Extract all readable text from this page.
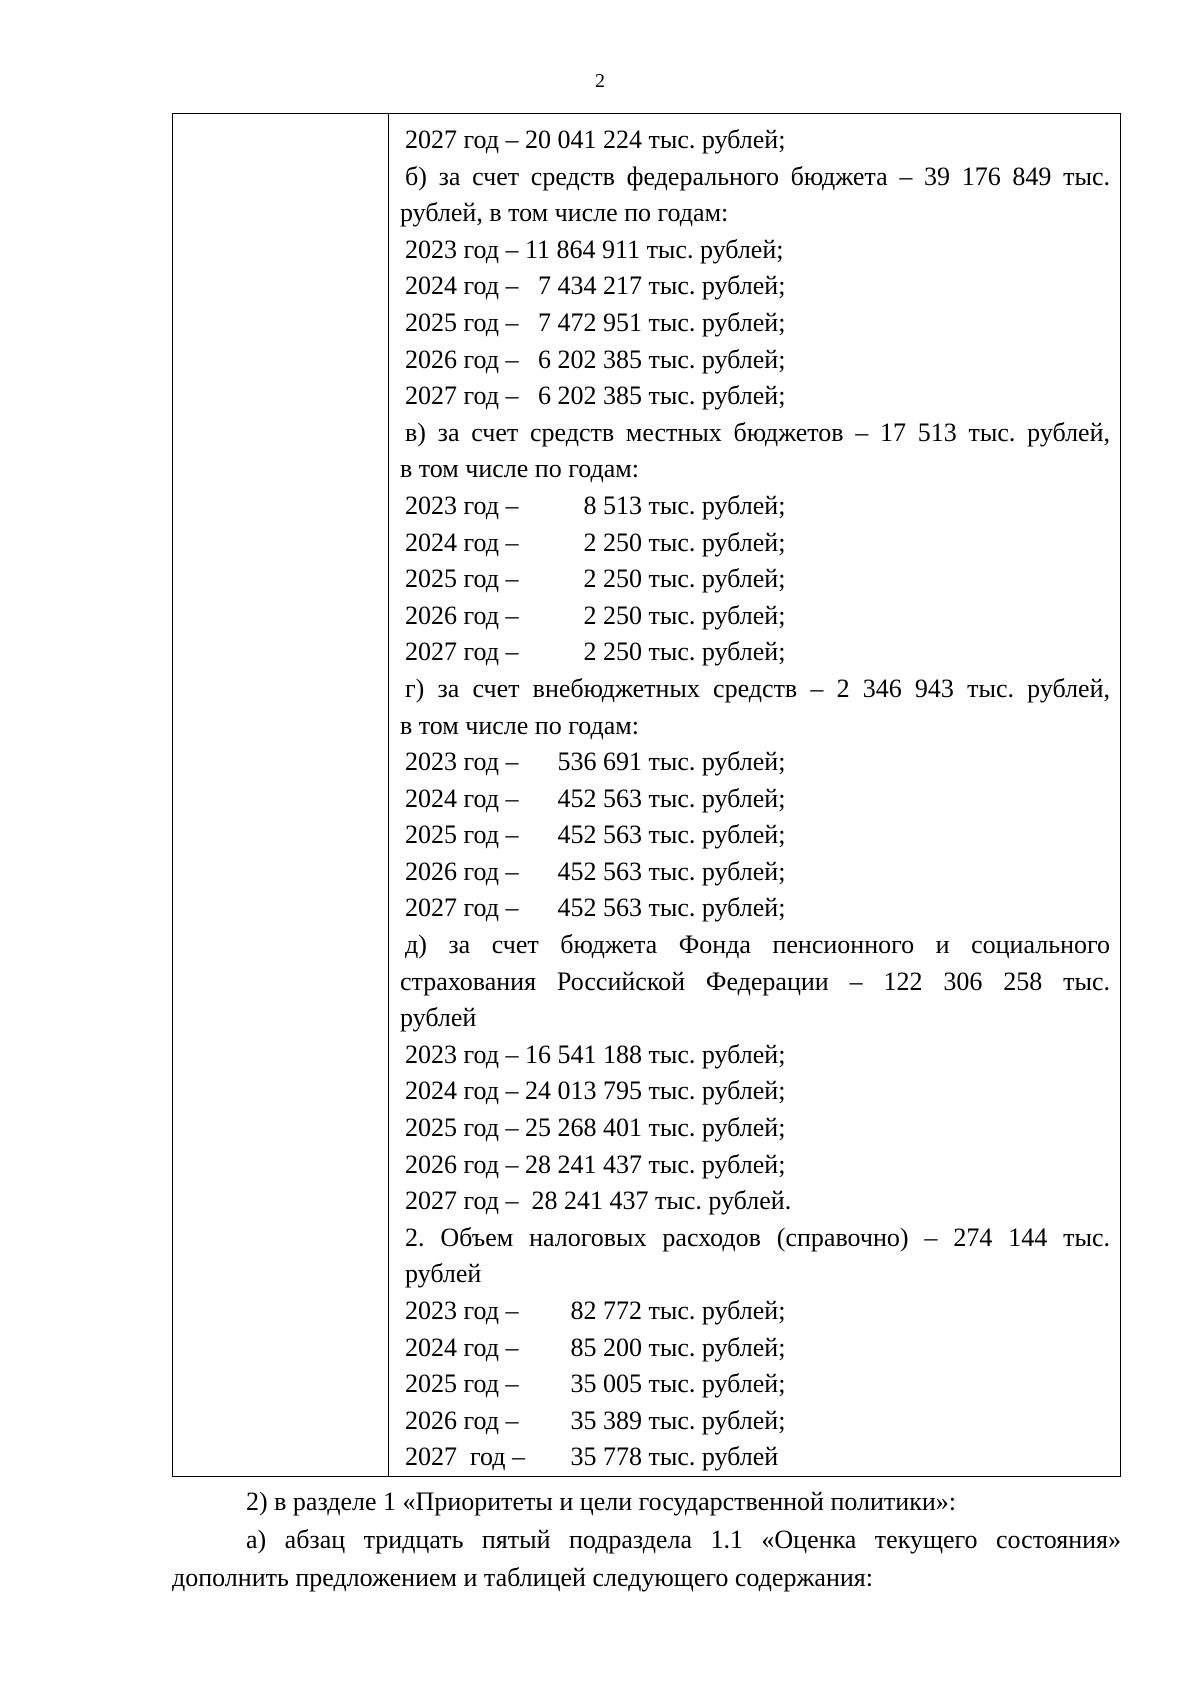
2
2027 год – 20 041 224 тыс. рублей;
б) за счет средств федерального бюджета – 39 176 849 тыс.
рублей, в том числе по годам:
2023 год – 11 864 911 тыс. рублей;
2024 год –   7 434 217 тыс. рублей;
2025 год –   7 472 951 тыс. рублей;
2026 год –   6 202 385 тыс. рублей;
2027 год –   6 202 385 тыс. рублей;
в) за счет средств местных бюджетов – 17 513 тыс. рублей,
в том числе по годам:
2023 год –          8 513 тыс. рублей;
2024 год –          2 250 тыс. рублей;
2025 год –          2 250 тыс. рублей;
2026 год –          2 250 тыс. рублей;
2027 год –          2 250 тыс. рублей;
г) за счет внебюджетных средств – 2 346 943 тыс. рублей,
в том числе по годам:
2023 год –      536 691 тыс. рублей;
2024 год –      452 563 тыс. рублей;
2025 год –      452 563 тыс. рублей;
2026 год –      452 563 тыс. рублей;
2027 год –      452 563 тыс. рублей;
д) за счет бюджета Фонда пенсионного и социального
страхования Российской Федерации – 122 306 258 тыс.
рублей
2023 год – 16 541 188 тыс. рублей;
2024 год – 24 013 795 тыс. рублей;
2025 год – 25 268 401 тыс. рублей;
2026 год – 28 241 437 тыс. рублей;
2027 год –  28 241 437 тыс. рублей.
2. Объем налоговых расходов (справочно) – 274 144 тыс.
рублей
2023 год –        82 772 тыс. рублей;
2024 год –        85 200 тыс. рублей;
2025 год –        35 005 тыс. рублей;
2026 год –        35 389 тыс. рублей;
2027  год –       35 778 тыс. рублей
2) в разделе 1 «Приоритеты и цели государственной политики»:
а) абзац тридцать пятый подраздела 1.1 «Оценка текущего состояния»
дополнить предложением и таблицей следующего содержания:
